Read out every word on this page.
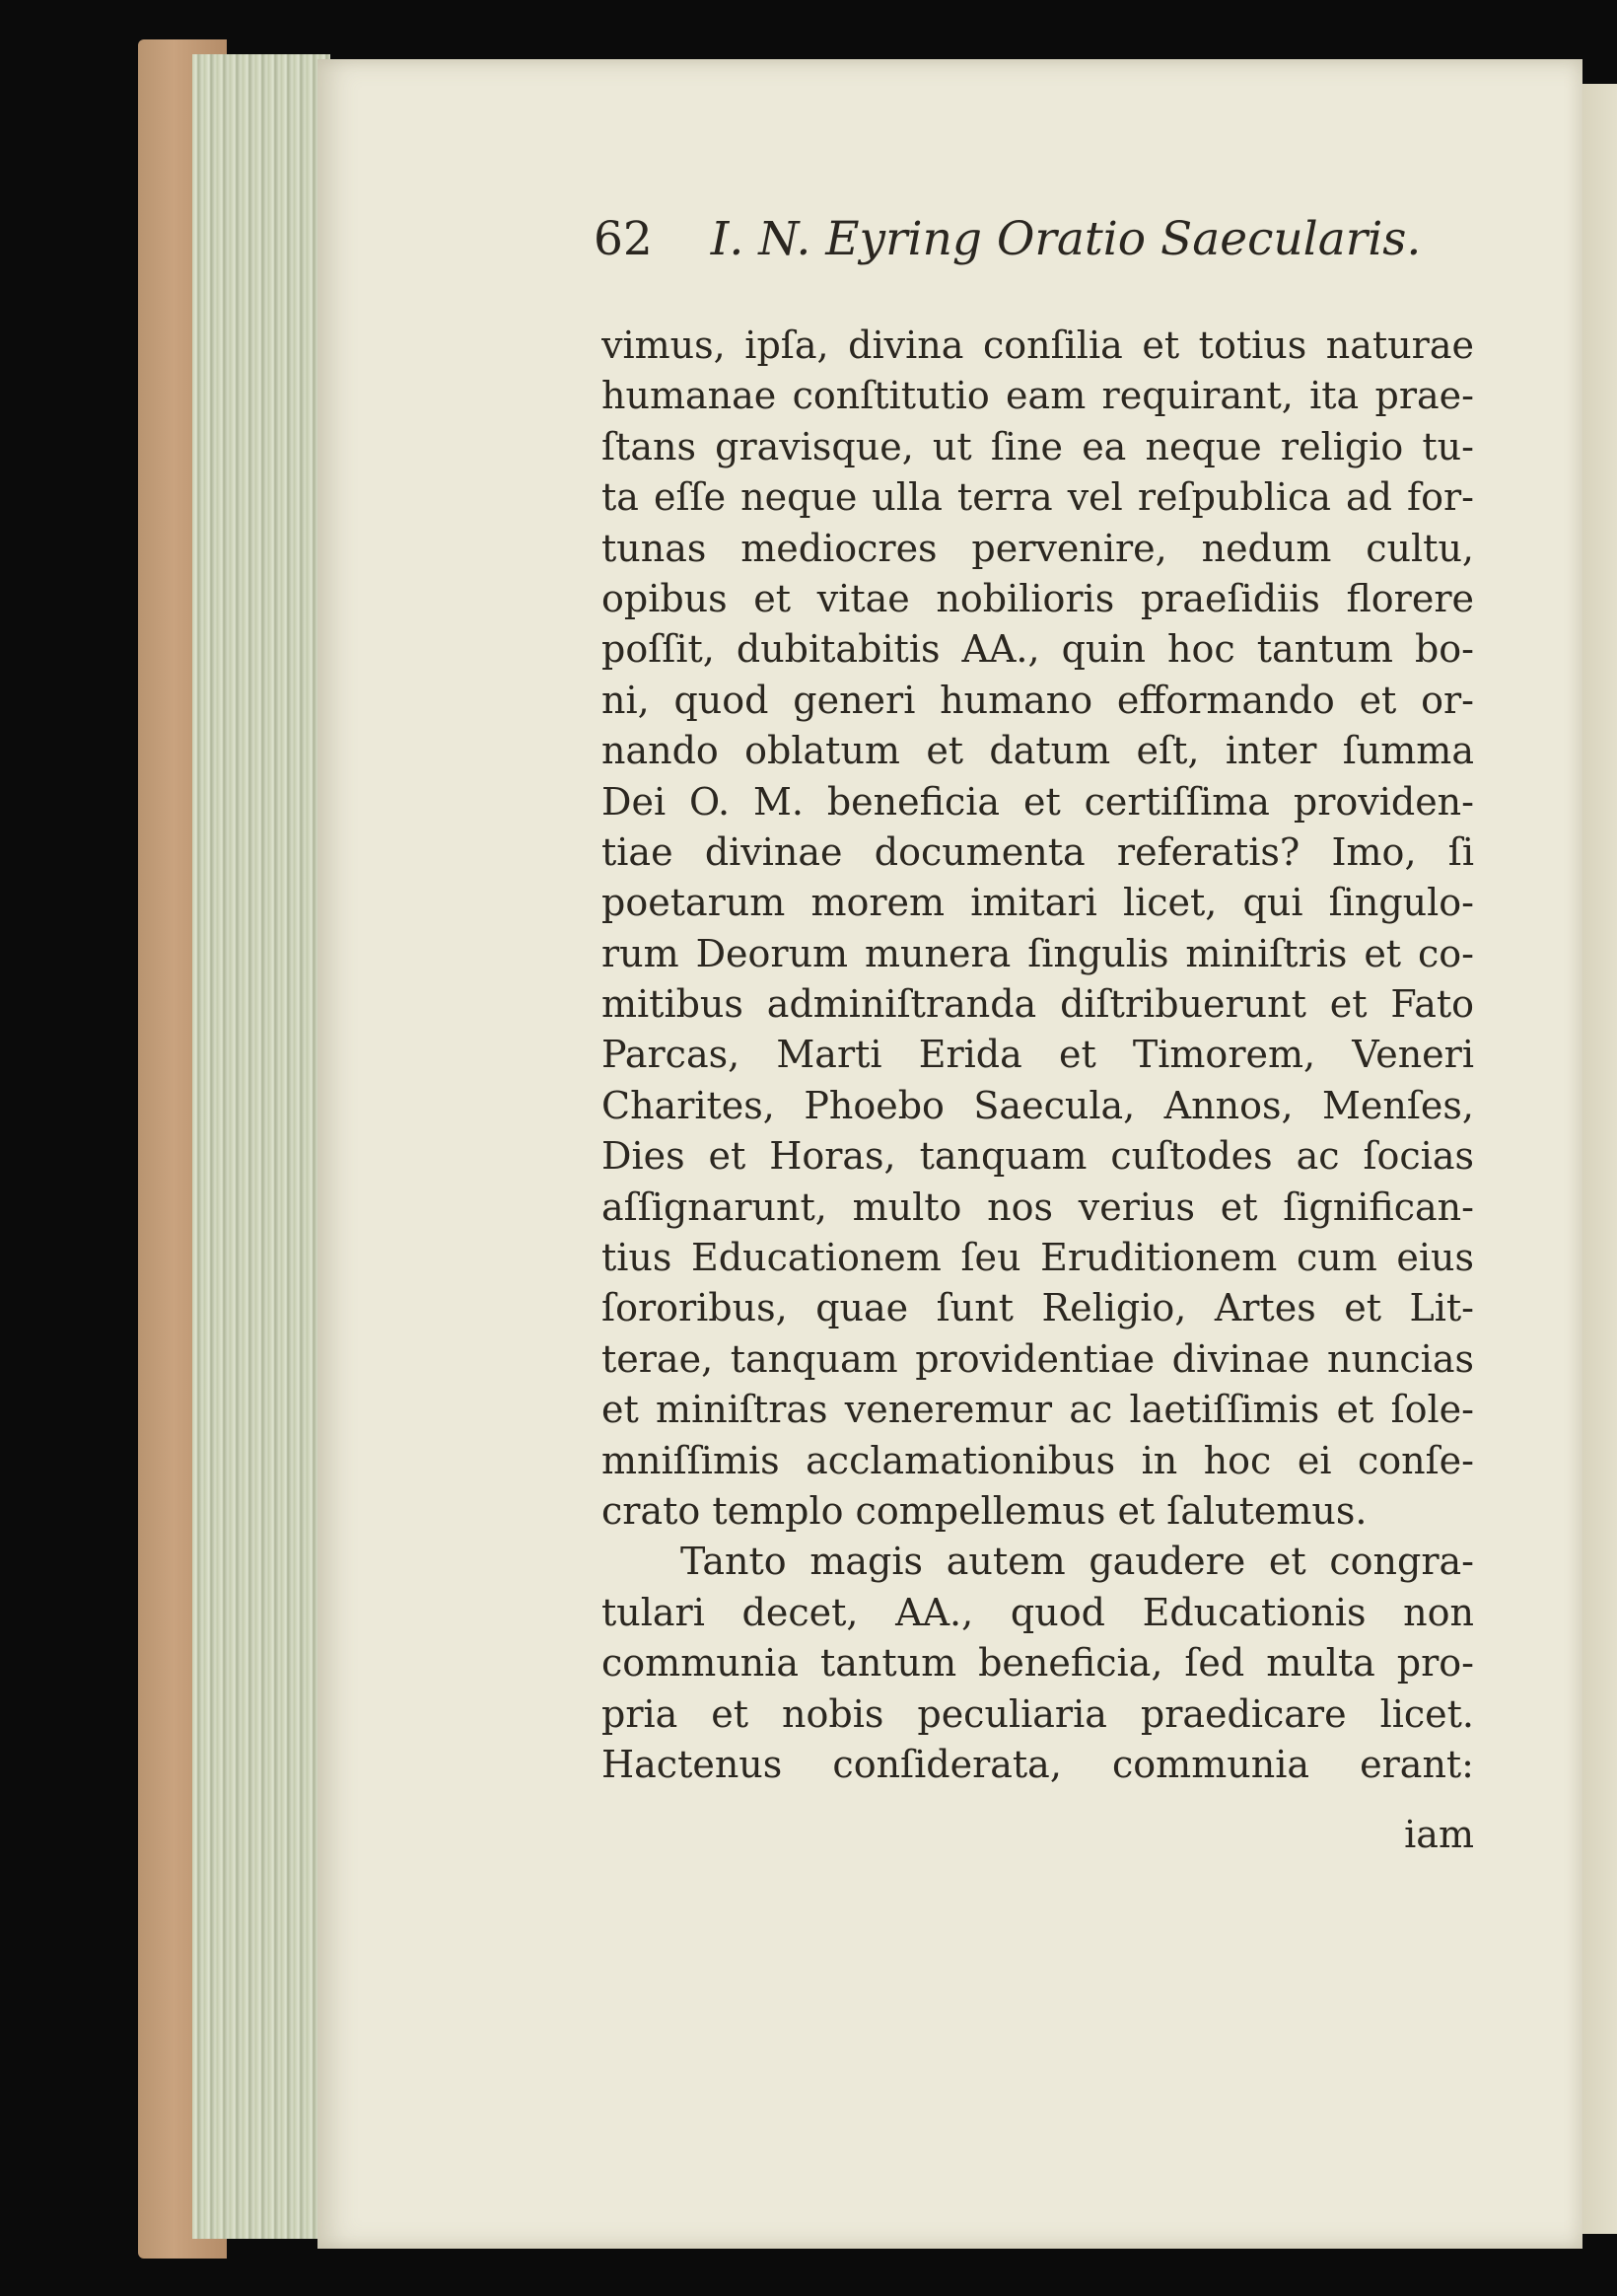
62 I. N. Eyring Oratio Saecularis.
vimus, ipſa, divina conſilia et totius naturae
humanae conſtitutio eam requirant, ita prae-
ſtans gravisque, ut ſine ea neque religio tu-
ta eſſe neque ulla terra vel reſpublica ad for-
tunas mediocres pervenire, nedum cultu,
opibus et vitae nobilioris praeſidiis florere
poſſit, dubitabitis AA., quin hoc tantum bo-
ni, quod generi humano efformando et or-
nando oblatum et datum eſt, inter ſumma
Dei O. M. beneficia et certiſſima providen-
tiae divinae documenta referatis? Imo, ſi
poetarum morem imitari licet, qui ſingulo-
rum Deorum munera ſingulis miniſtris et co-
mitibus adminiſtranda diſtribuerunt et Fato
Parcas, Marti Erida et Timorem, Veneri
Charites, Phoebo Saecula, Annos, Menſes,
Dies et Horas, tanquam cuſtodes ac ſocias
aſſignarunt, multo nos verius et ſignifican-
tius Educationem ſeu Eruditionem cum eius
ſororibus, quae ſunt Religio, Artes et Lit-
terae, tanquam providentiae divinae nuncias
et miniſtras veneremur ac laetiſſimis et ſole-
mniſſimis acclamationibus in hoc ei conſe-
crato templo compellemus et ſalutemus.
Tanto magis autem gaudere et congra-
tulari decet, AA., quod Educationis non
communia tantum beneficia, ſed multa pro-
pria et nobis peculiaria praedicare licet.
Hactenus conſiderata, communia erant:
iam
